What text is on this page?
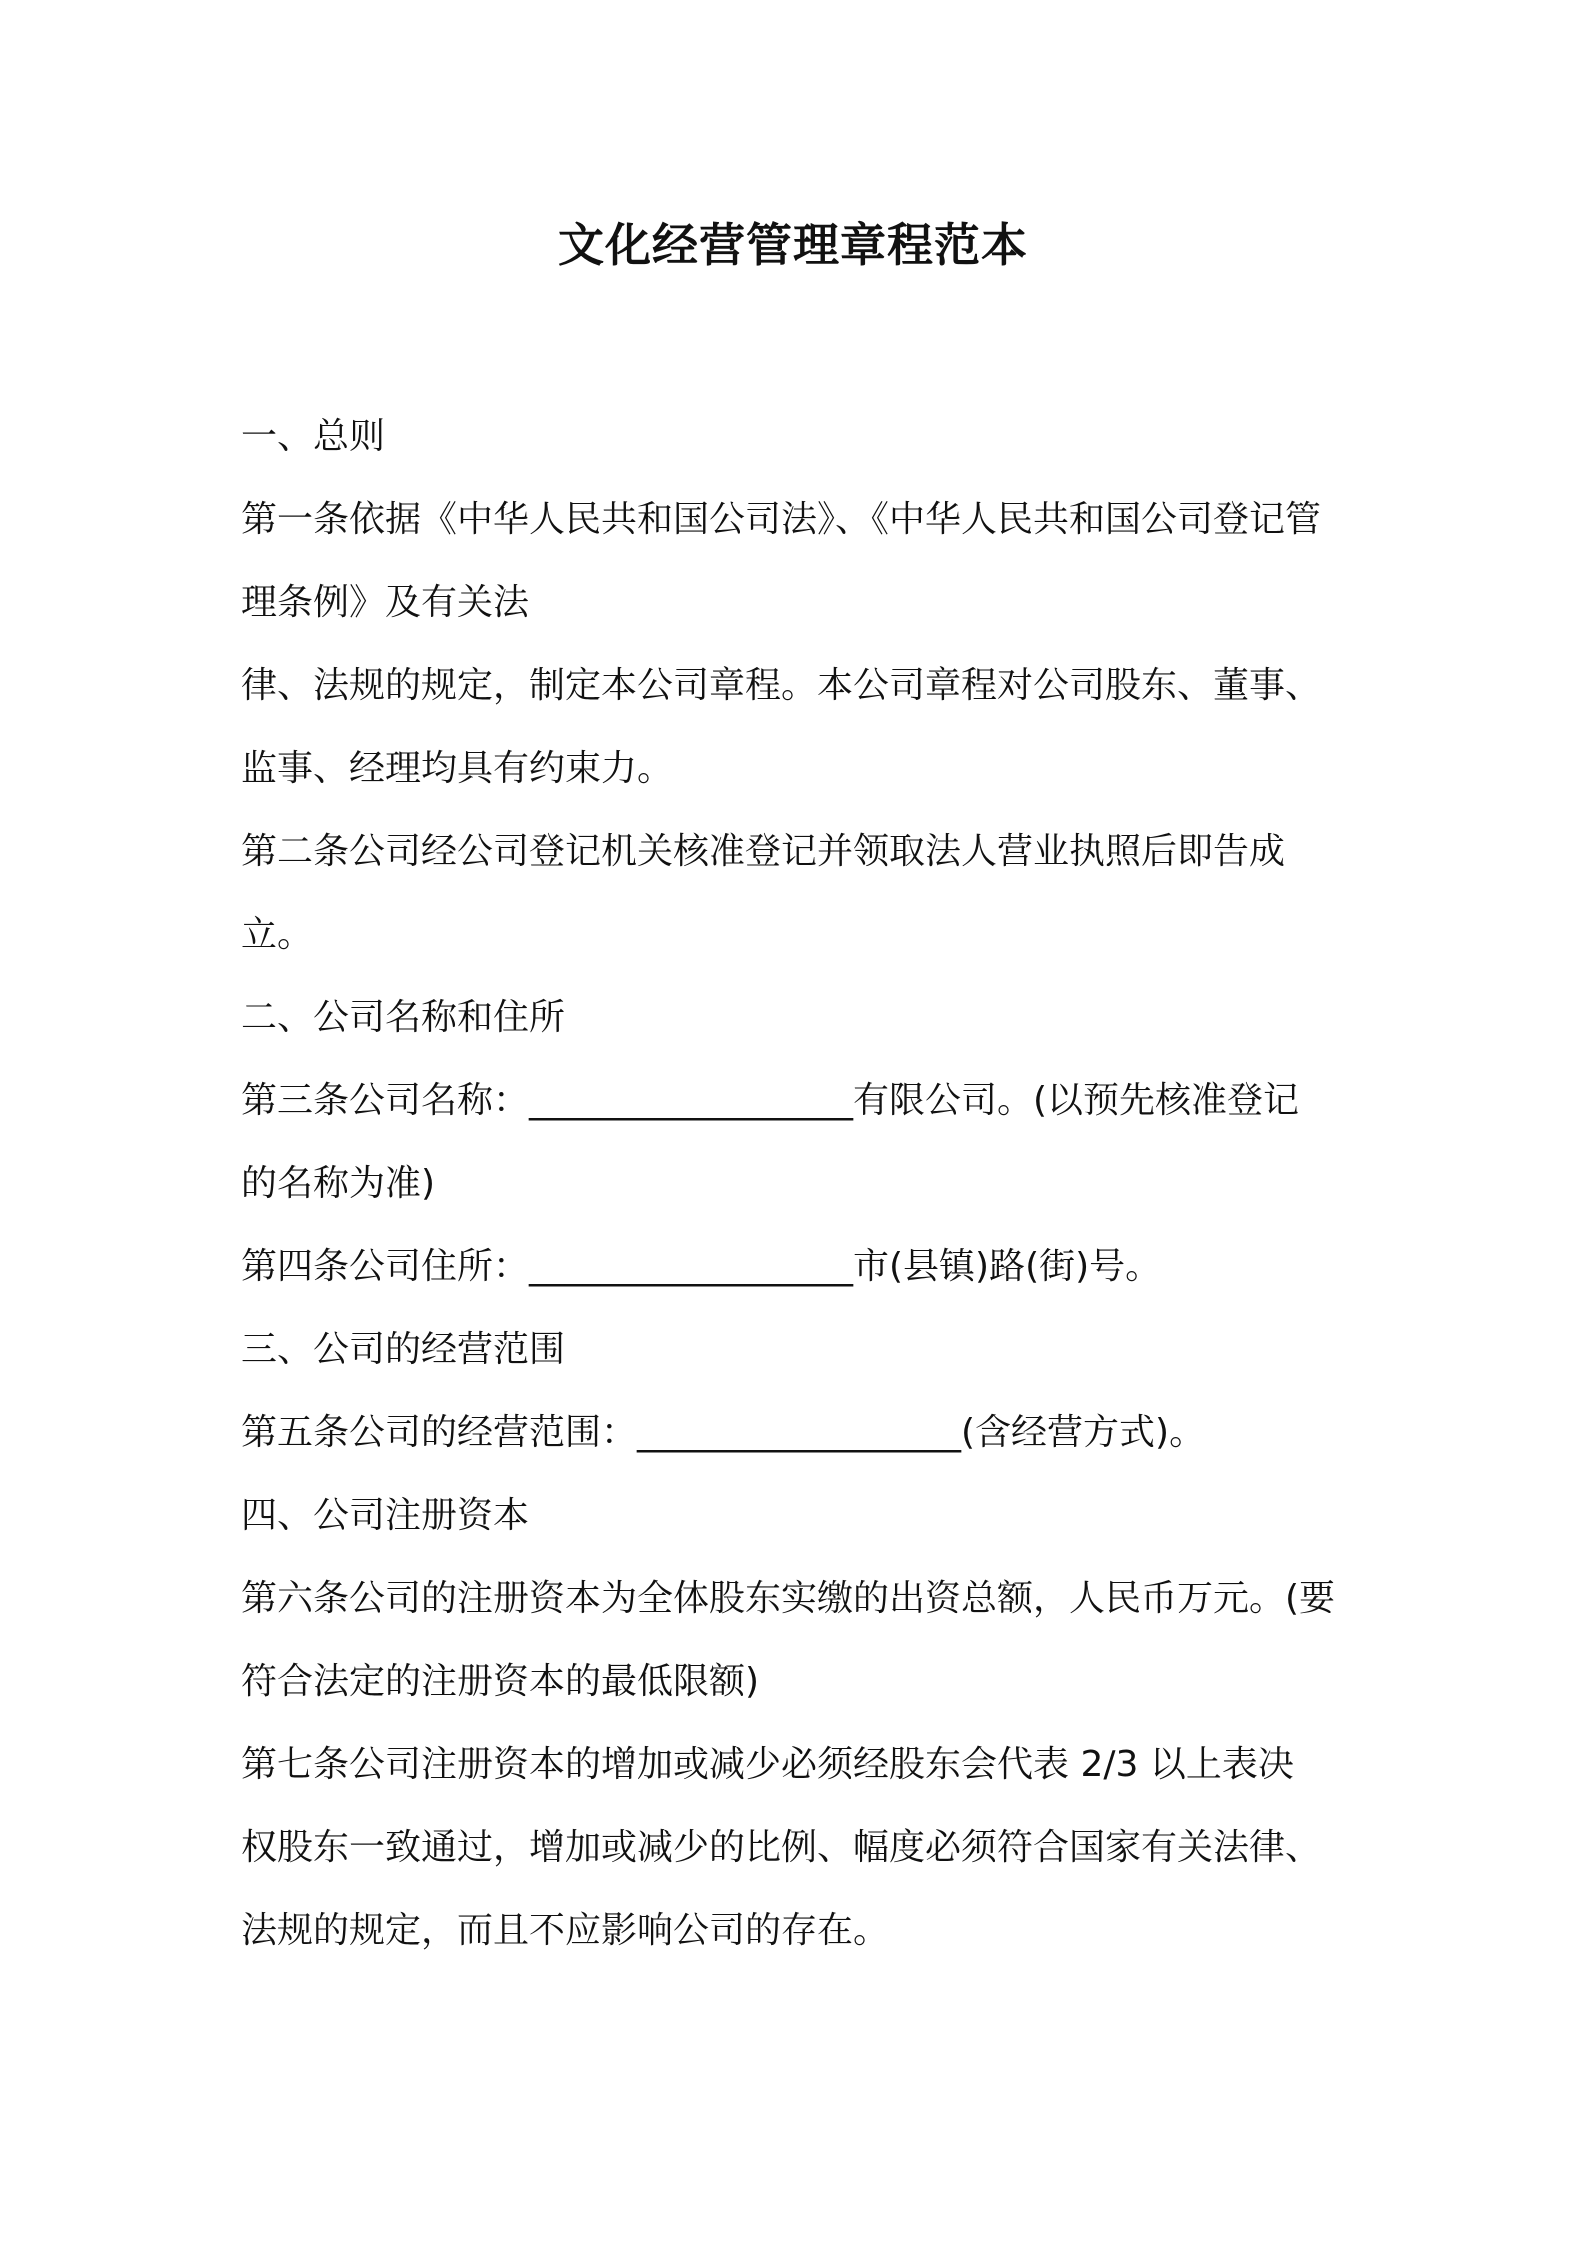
文化经营管理章程范本
一、总则
第一条依据《中华人民共和国公司法》、《中华人民共和国公司登记管
理条例》及有关法
律、法规的规定，制定本公司章程。本公司章程对公司股东、董事、
监事、经理均具有约束力。
第二条公司经公司登记机关核准登记并领取法人营业执照后即告成
立。
二、公司名称和住所
第三条公司名称：__________________有限公司。(以预先核准登记
的名称为准)
第四条公司住所：__________________市(县镇)路(街)号。
三、公司的经营范围
第五条公司的经营范围：__________________(含经营方式)。
四、公司注册资本
第六条公司的注册资本为全体股东实缴的出资总额，人民币万元。(要
符合法定的注册资本的最低限额)
第七条公司注册资本的增加或减少必须经股东会代表 2/3 以上表决
权股东一致通过，增加或减少的比例、幅度必须符合国家有关法律、
法规的规定，而且不应影响公司的存在。
